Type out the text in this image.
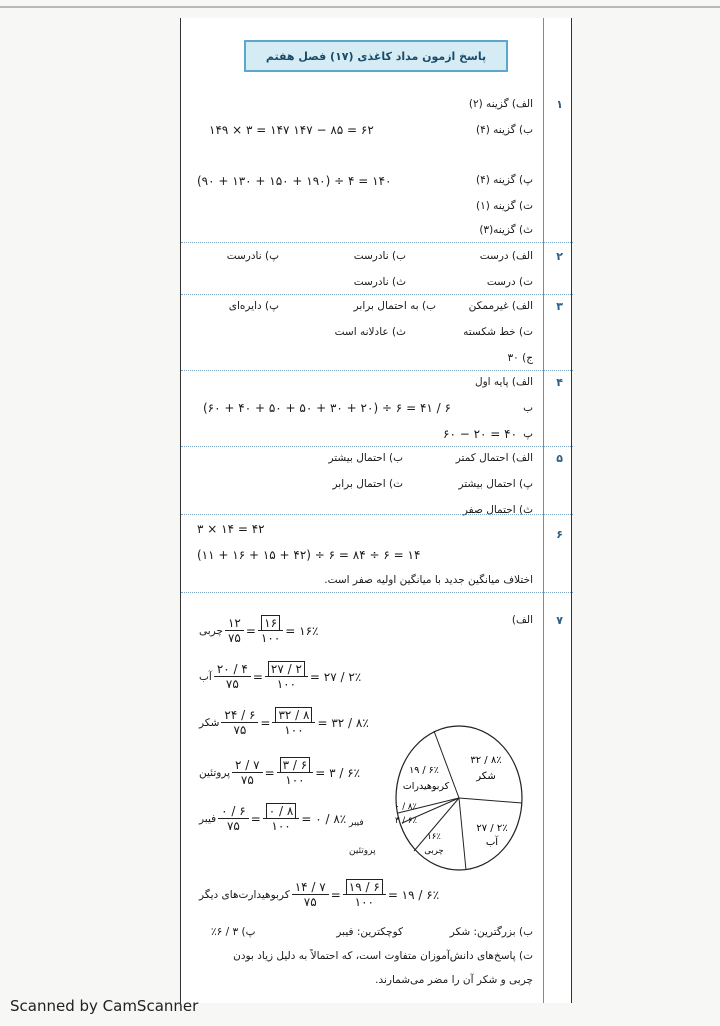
پاسخ ازمون مداد کاغذی (۱۷) فصل هفتم
۱
الف) گزینه (۲)
ب) گزینه (۴)
۱۴۹ × ۳ = ۱۴۷ ۱۴۷ − ۸۵ = ۶۲
پ) گزینه (۴)
(۹۰ + ۱۳۰ + ۱۵۰ + ۱۹۰) ÷ ۴ = ۱۴۰
ت) گزینه (۱)
ث) گزینه(۳)
۲
الف) درست
ب) نادرست
پ) نادرست
ت) درست
ث) نادرست
۳
الف) غیرممکن
ب) به احتمال برابر
پ) دایره‌ای
ت) خط شکسته
ث) عادلانه است
ج) ۳۰
۴
الف) پایه اول
ب
(۶۰ + ۴۰ + ۵۰ + ۵۰ + ۳۰ + ۲۰) ÷ ۶ = ۴۱ / ۶
پ
۶۰ − ۲۰ = ۴۰
۵
الف) احتمال کمتر
ب) احتمال بیشتر
پ) احتمال بیشتر
ت) احتمال برابر
ث) احتمال صفر
۶
۳ × ۱۴ = ۴۲
(۱۱ + ۱۶ + ۱۵ + ۴۲) ÷ ۶ = ۸۴ ÷ ۶ = ۱۴
اختلاف میانگین جدید با میانگین اولیه صفر است.
۷
الف)
چربی
۱۲
۷۵
=
۱۶
۱۰۰
= ۱۶٪
آب
۲۰ / ۴
۷۵
=
۲۷ / ۲
۱۰۰
= ۲۷ / ۲٪
شکر
۲۴ / ۶
۷۵
=
۳۲ / ۸
۱۰۰
= ۳۲ / ۸٪
پروتئین
۲ / ۷
۷۵
=
۳ / ۶
۱۰۰
= ۳ / ۶٪
فیبر
۰ / ۶
۷۵
=
۰ / ۸
۱۰۰
= ۰ / ۸٪
کربوهیدارت‌های دیگر
۱۴ / ۷
۷۵
=
۱۹ / ۶
۱۰۰
= ۱۹ / ۶٪
۳۲ / ۸٪
شکر
۱۹ / ۶٪
کربوهیدرات
۲۷ / ۲٪
آب
۰ / ۸٪
۳ / ۶٪
۱۶٪
چربی
فیبر
پروتئین
ب) بزرگترین: شکر
کوچکترین: فیبر
پ) ۳ / ۶٪
ت) پاسخ‌های دانش‌آموزان متفاوت است، که احتمالاً به دلیل زیاد بودن
چربی و شکر آن را مضر می‌شمارند.
Scanned by CamScanner
